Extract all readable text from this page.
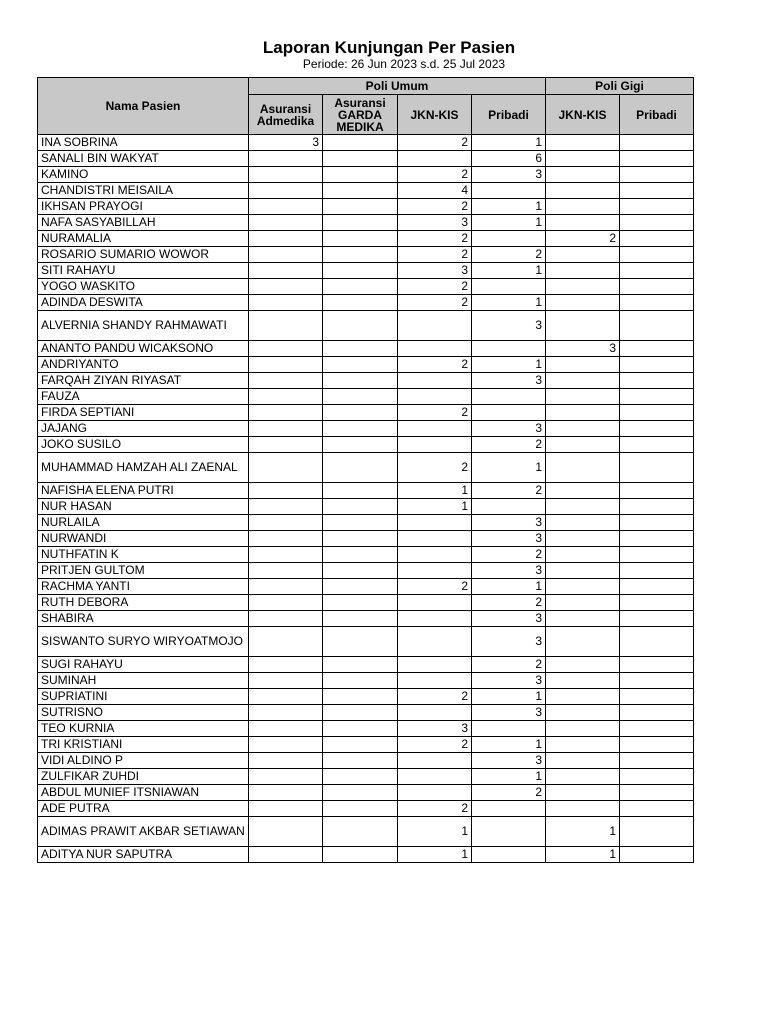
Laporan Kunjungan Per Pasien
Periode: 26 Jun 2023 s.d. 25 Jul 2023
Nama Pasien	Poli Umum				Poli Gigi	
	Asuransi Admedika	Asuransi GARDA MEDIKA	JKN-KIS	Pribadi	JKN-KIS	Pribadi
INA SOBRINA	3		2	1		
SANALI BIN WAKYAT				6		
KAMINO			2	3		
CHANDISTRI MEISAILA			4			
IKHSAN PRAYOGI			2	1		
NAFA SASYABILLAH			3	1		
NURAMALIA			2		2	
ROSARIO SUMARIO WOWOR			2	2		
SITI RAHAYU			3	1		
YOGO WASKITO			2			
ADINDA DESWITA			2	1		
ALVERNIA SHANDY RAHMAWATI				3		
ANANTO PANDU WICAKSONO					3	
ANDRIYANTO			2	1		
FARQAH ZIYAN RIYASAT				3		
FAUZA						
FIRDA SEPTIANI			2			
JAJANG				3		
JOKO SUSILO				2		
MUHAMMAD HAMZAH ALI ZAENAL			2	1		
NAFISHA ELENA PUTRI			1	2		
NUR HASAN			1			
NURLAILA				3		
NURWANDI				3		
NUTHFATIN K				2		
PRITJEN GULTOM				3		
RACHMA YANTI			2	1		
RUTH DEBORA				2		
SHABIRA				3		
SISWANTO SURYO WIRYOATMOJO				3		
SUGI RAHAYU				2		
SUMINAH				3		
SUPRIATINI			2	1		
SUTRISNO				3		
TEO KURNIA			3			
TRI KRISTIANI			2	1		
VIDI ALDINO P				3		
ZULFIKAR ZUHDI				1		
ABDUL MUNIEF ITSNIAWAN				2		
ADE PUTRA			2			
ADIMAS PRAWIT AKBAR SETIAWAN			1		1	
ADITYA NUR SAPUTRA			1		1	
